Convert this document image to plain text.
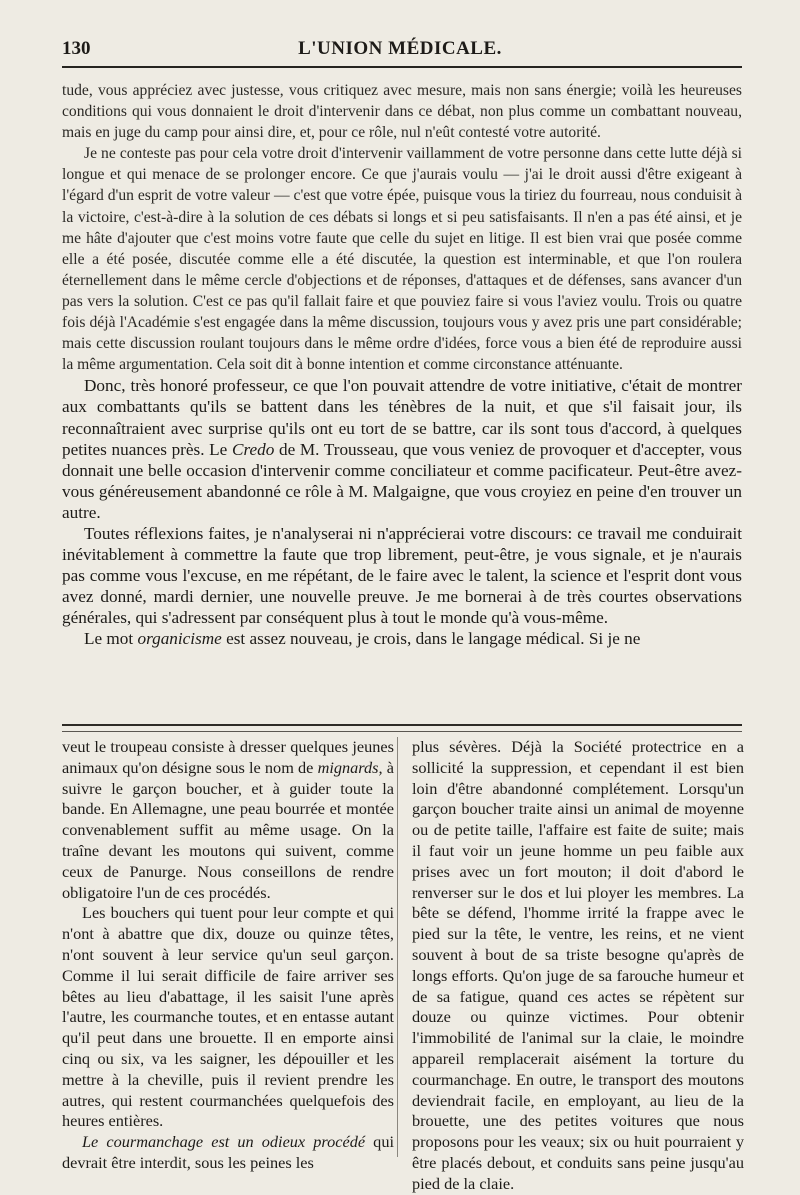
130	L'UNION MÉDICALE.

tude, vous appréciez avec justesse, vous critiquez avec mesure, mais non sans énergie; voilà les heureuses conditions qui vous donnaient le droit d'intervenir dans ce débat, non plus comme un combattant nouveau, mais en juge du camp pour ainsi dire, et, pour ce rôle, nul n'eût contesté votre autorité.

Je ne conteste pas pour cela votre droit d'intervenir vaillamment de votre personne dans cette lutte déjà si longue et qui menace de se prolonger encore. Ce que j'aurais voulu — j'ai le droit aussi d'être exigeant à l'égard d'un esprit de votre valeur — c'est que votre épée, puisque vous la tiriez du fourreau, nous conduisit à la victoire, c'est-à-dire à la solution de ces débats si longs et si peu satisfaisants. Il n'en a pas été ainsi, et je me hâte d'ajouter que c'est moins votre faute que celle du sujet en litige. Il est bien vrai que posée comme elle a été posée, discutée comme elle a été discutée, la question est interminable, et que l'on roulera éternellement dans le même cercle d'objections et de réponses, d'attaques et de défenses, sans avancer d'un pas vers la solution. C'est ce pas qu'il fallait faire et que pouviez faire si vous l'aviez voulu. Trois ou quatre fois déjà l'Académie s'est engagée dans la même discussion, toujours vous y avez pris une part considérable; mais cette discussion roulant toujours dans le même ordre d'idées, force vous a bien été de reproduire aussi la même argumentation. Cela soit dit à bonne intention et comme circonstance atténuante.

Donc, très honoré professeur, ce que l'on pouvait attendre de votre initiative, c'était de montrer aux combattants qu'ils se battent dans les ténèbres de la nuit, et que s'il faisait jour, ils reconnaîtraient avec surprise qu'ils ont eu tort de se battre, car ils sont tous d'accord, à quelques petites nuances près. Le Credo de M. Trousseau, que vous veniez de provoquer et d'accepter, vous donnait une belle occasion d'intervenir comme conciliateur et comme pacificateur. Peut-être avez-vous généreusement abandonné ce rôle à M. Malgaigne, que vous croyiez en peine d'en trouver un autre.

Toutes réflexions faites, je n'analyserai ni n'apprécierai votre discours: ce travail me conduirait inévitablement à commettre la faute que trop librement, peut-être, je vous signale, et je n'aurais pas comme vous l'excuse, en me répétant, de le faire avec le talent, la science et l'esprit dont vous avez donné, mardi dernier, une nouvelle preuve. Je me bornerai à de très courtes observations générales, qui s'adressent par conséquent plus à tout le monde qu'à vous-même.

Le mot organicisme est assez nouveau, je crois, dans le langage médical. Si je ne

veut le troupeau consiste à dresser quelques jeunes animaux qu'on désigne sous le nom de mignards, à suivre le garçon boucher, et à guider toute la bande. En Allemagne, une peau bourrée et montée convenablement suffit au même usage. On la traîne devant les moutons qui suivent, comme ceux de Panurge. Nous conseillons de rendre obligatoire l'un de ces procédés.

Les bouchers qui tuent pour leur compte et qui n'ont à abattre que dix, douze ou quinze têtes, n'ont souvent à leur service qu'un seul garçon. Comme il lui serait difficile de faire arriver ses bêtes au lieu d'abattage, il les saisit l'une après l'autre, les courmanche toutes, et en entasse autant qu'il peut dans une brouette. Il en emporte ainsi cinq ou six, va les saigner, les dépouiller et les mettre à la cheville, puis il revient prendre les autres, qui restent courmanchées quelquefois des heures entières.

Le courmanchage est un odieux procédé qui devrait être interdit, sous les peines les

plus sévères. Déjà la Société protectrice en a sollicité la suppression, et cependant il est bien loin d'être abandonné complétement. Lorsqu'un garçon boucher traite ainsi un animal de moyenne ou de petite taille, l'affaire est faite de suite; mais il faut voir un jeune homme un peu faible aux prises avec un fort mouton; il doit d'abord le renverser sur le dos et lui ployer les membres. La bête se défend, l'homme irrité la frappe avec le pied sur la tête, le ventre, les reins, et ne vient souvent à bout de sa triste besogne qu'après de longs efforts. Qu'on juge de sa farouche humeur et de sa fatigue, quand ces actes se répètent sur douze ou quinze victimes. Pour obtenir l'immobilité de l'animal sur la claie, le moindre appareil remplacerait aisément la torture du courmanchage. En outre, le transport des moutons deviendrait facile, en employant, au lieu de la brouette, une des petites voitures que nous proposons pour les veaux; six ou huit pourraient y être placés debout, et conduits sans peine jusqu'au pied de la claie.
